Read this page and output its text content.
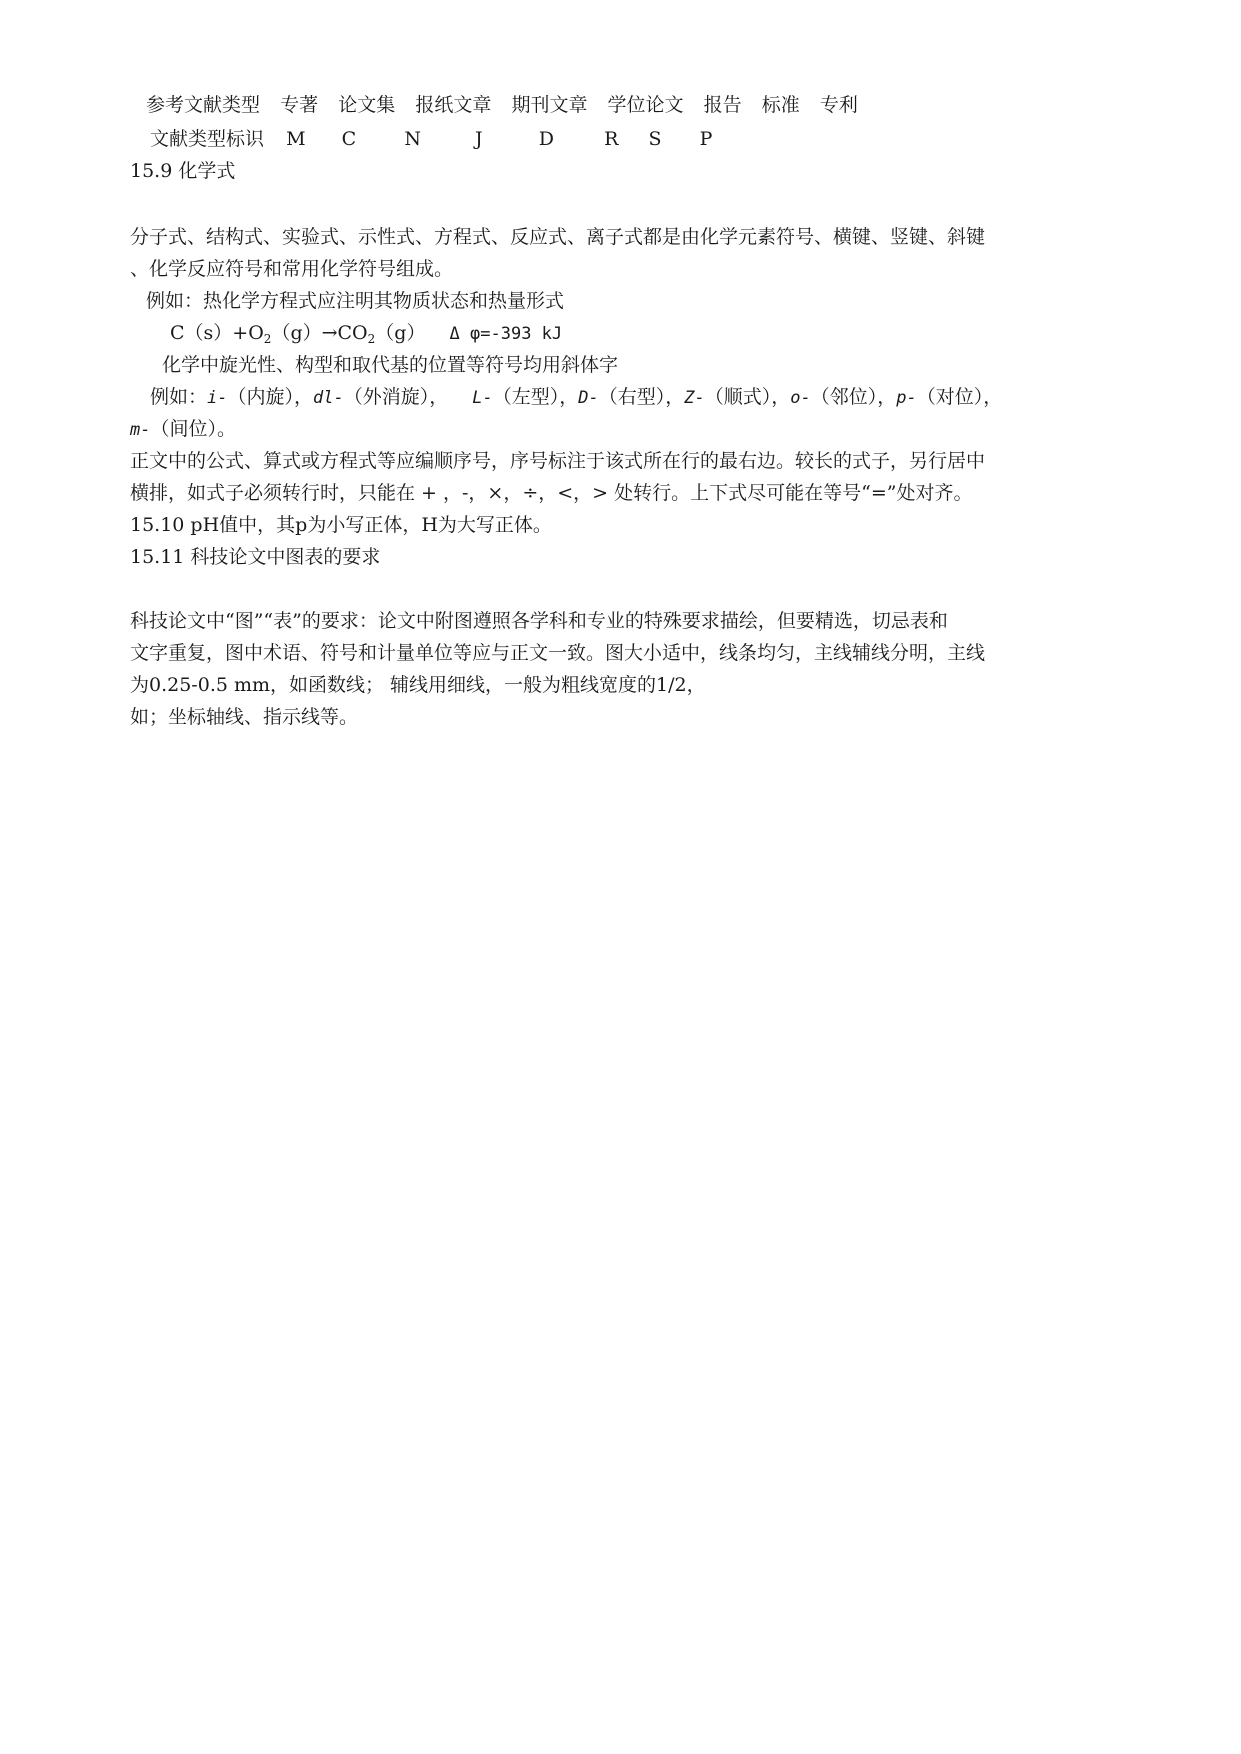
参考文献类型 专著 论文集 报纸文章 期刊文章 学位论文 报告 标准 专利
文献类型标识 M C	N	J	D	R S P
15.9 化学式
分子式、结构式、实验式、示性式、方程式、反应式、离子式都是由化学元素符号、横键、竖键、斜键
、化学反应符号和常用化学符号组成。
例如：热化学方程式应注明其物质状态和热量形式
$C(s)+O_2(g)\to CO_2(g)$ Δ φ=-393 kJ
化学中旋光性、构型和取代基的位置等符号均用斜体字
例如：i-（内旋），dl-（外消旋）， L-（左型），D-（右型），Z-（顺式），o-（邻位），p-（对位），
m-（间位）。
正文中的公式、算式或方程式等应编顺序号，序号标注于该式所在行的最右边。较长的式子，另行居中
横排，如式子必须转行时，只能在 + ，-，×，÷，<，> 处转行。上下式尽可能在等号“=”处对齐。
15.10 pH值中，其p为小写正体，H为大写正体。
15.11 科技论文中图表的要求
科技论文中“图”“表”的要求：论文中附图遵照各学科和专业的特殊要求描绘，但要精选，切忌表和
文字重复，图中术语、符号和计量单位等应与正文一致。图大小适中，线条均匀，主线辅线分明，主线
为0.25-0.5 mm，如函数线； 辅线用细线，一般为粗线宽度的1/2，
如；坐标轴线、指示线等。
